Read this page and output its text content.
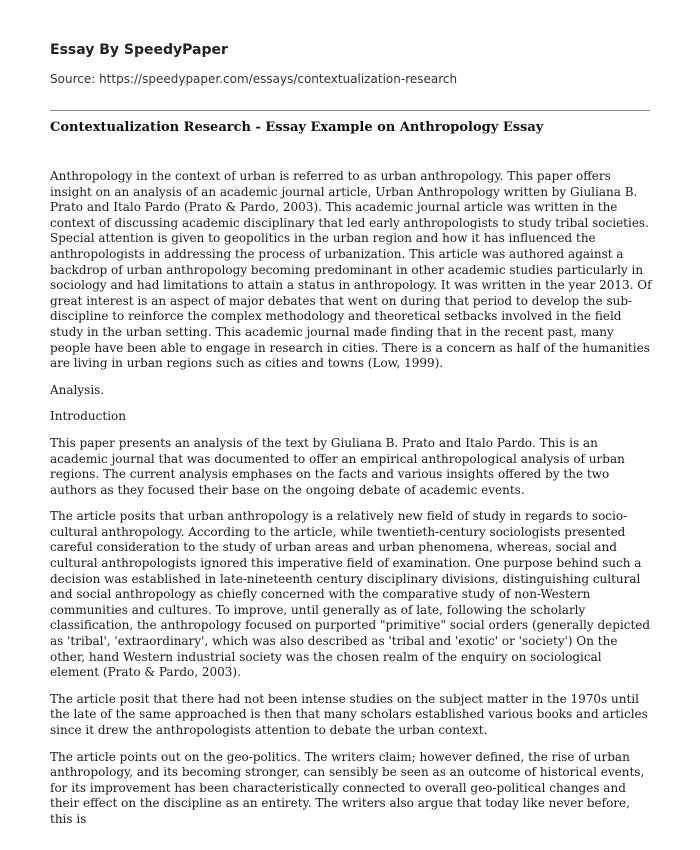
Essay By SpeedyPaper
Source: https://speedypaper.com/essays/contextualization-research
Contextualization Research - Essay Example on Anthropology Essay

Anthropology in the context of urban is referred to as urban anthropology. This paper offers insight on an analysis of an academic journal article, Urban Anthropology written by Giuliana B. Prato and Italo Pardo (Prato & Pardo, 2003). This academic journal article was written in the context of discussing academic disciplinary that led early anthropologists to study tribal societies. Special attention is given to geopolitics in the urban region and how it has influenced the anthropologists in addressing the process of urbanization. This article was authored against a backdrop of urban anthropology becoming predominant in other academic studies particularly in sociology and had limitations to attain a status in anthropology. It was written in the year 2013. Of great interest is an aspect of major debates that went on during that period to develop the sub-discipline to reinforce the complex methodology and theoretical setbacks involved in the field study in the urban setting. This academic journal made finding that in the recent past, many people have been able to engage in research in cities. There is a concern as half of the humanities are living in urban regions such as cities and towns (Low, 1999).

Analysis.

Introduction

This paper presents an analysis of the text by Giuliana B. Prato and Italo Pardo. This is an academic journal that was documented to offer an empirical anthropological analysis of urban regions. The current analysis emphases on the facts and various insights offered by the two authors as they focused their base on the ongoing debate of academic events.

The article posits that urban anthropology is a relatively new field of study in regards to socio-cultural anthropology. According to the article, while twentieth-century sociologists presented careful consideration to the study of urban areas and urban phenomena, whereas, social and cultural anthropologists ignored this imperative field of examination. One purpose behind such a decision was established in late-nineteenth century disciplinary divisions, distinguishing cultural and social anthropology as chiefly concerned with the comparative study of non-Western communities and cultures. To improve, until generally as of late, following the scholarly classification, the anthropology focused on purported "primitive" social orders (generally depicted as 'tribal', 'extraordinary', which was also described as 'tribal and 'exotic' or 'society') On the other, hand Western industrial society was the chosen realm of the enquiry on sociological element (Prato & Pardo, 2003).

The article posit that there had not been intense studies on the subject matter in the 1970s until the late of the same approached is then that many scholars established various books and articles since it drew the anthropologists attention to debate the urban context.

The article points out on the geo-politics. The writers claim; however defined, the rise of urban anthropology, and its becoming stronger, can sensibly be seen as an outcome of historical events, for its improvement has been characteristically connected to overall geo-political changes and their effect on the discipline as an entirety. The writers also argue that today like never before, this is
